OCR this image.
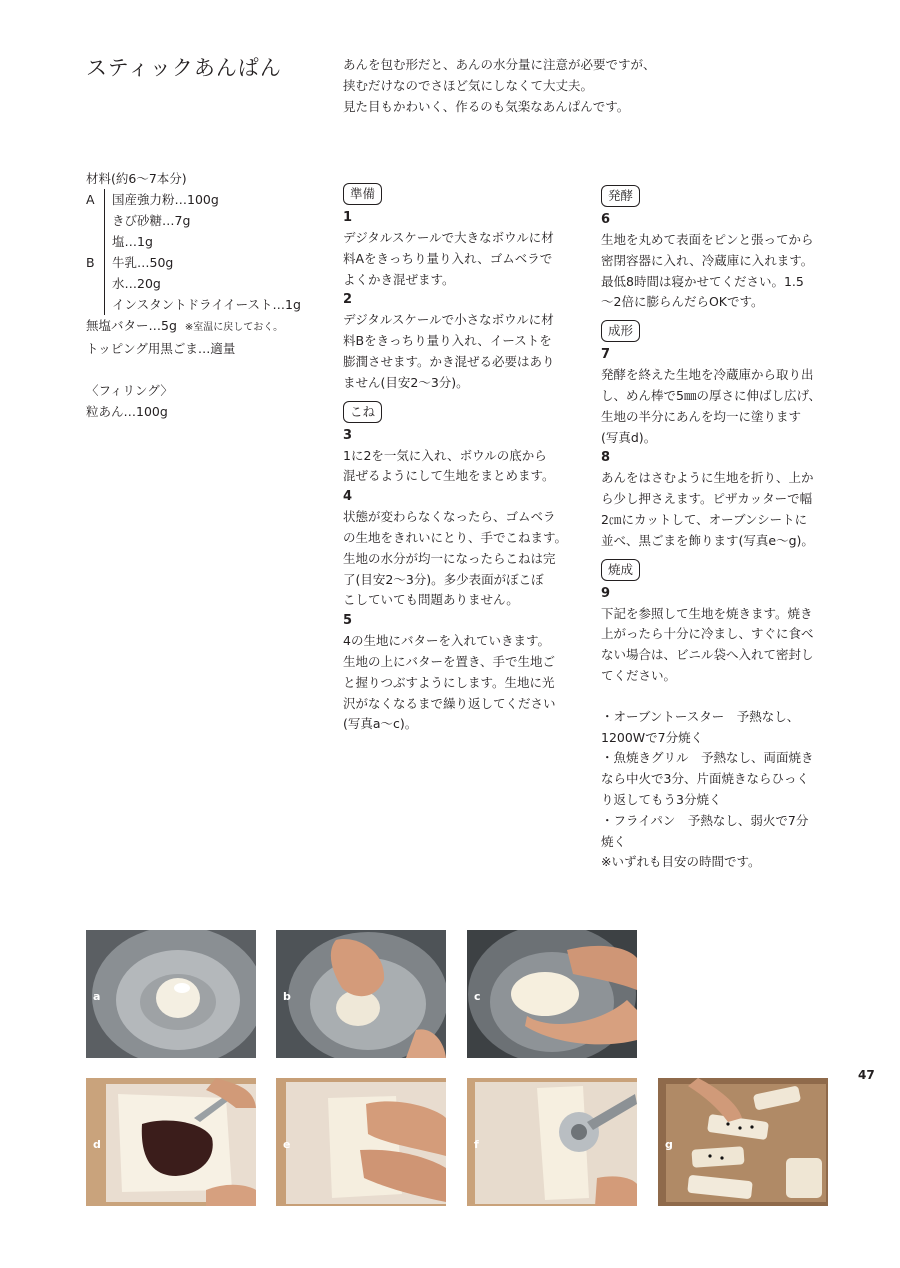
スティックあんぱん	あんを包む形だと、あんの水分量に注意が必要ですが、
挟むだけなのでさほど気にしなくて大丈夫。
見た目もかわいく、作るのも気楽なあんぱんです。
材料(約6〜7本分)
A	国産強力粉…100g
きび砂糖…7g
塩…1g
B	牛乳…50g
水…20g
インスタントドライイースト…1g
無塩バター…5g ※室温に戻しておく。
トッピング用黒ごま…適量
〈フィリング〉
粒あん…100g
準備
1
デジタルスケールで大きなボウルに材
料Aをきっちり量り入れ、ゴムベラで
よくかき混ぜます。
2
デジタルスケールで小さなボウルに材
料Bをきっちり量り入れ、イーストを
膨潤させます。かき混ぜる必要はあり
ません(目安2〜3分)。
こね
3
1に2を一気に入れ、ボウルの底から
混ぜるようにして生地をまとめます。
4
状態が変わらなくなったら、ゴムベラ
の生地をきれいにとり、手でこねます。
生地の水分が均一になったらこねは完
了(目安2〜3分)。多少表面がぼこぼ
こしていても問題ありません。
5
4の生地にバターを入れていきます。
生地の上にバターを置き、手で生地ご
と握りつぶすようにします。生地に光
沢がなくなるまで繰り返してください
(写真a〜c)。
発酵
6
生地を丸めて表面をピンと張ってから
密閉容器に入れ、冷蔵庫に入れます。
最低8時間は寝かせてください。1.5
〜2倍に膨らんだらOKです。
成形
7
発酵を終えた生地を冷蔵庫から取り出
し、めん棒で5㎜の厚さに伸ばし広げ、
生地の半分にあんを均一に塗ります
(写真d)。
8
あんをはさむように生地を折り、上か
ら少し押さえます。ピザカッターで幅
2㎝にカットして、オーブンシートに
並べ、黒ごまを飾ります(写真e〜g)。
焼成
9
下記を参照して生地を焼きます。焼き
上がったら十分に冷まし、すぐに食べ
ない場合は、ビニル袋へ入れて密封し
てください。
・オーブントースター　予熱なし、
1200Wで7分焼く
・魚焼きグリル　予熱なし、両面焼き
なら中火で3分、片面焼きならひっく
り返してもう3分焼く
・フライパン　予熱なし、弱火で7分
焼く
※いずれも目安の時間です。
47
a	b	c
d	e	f	g
